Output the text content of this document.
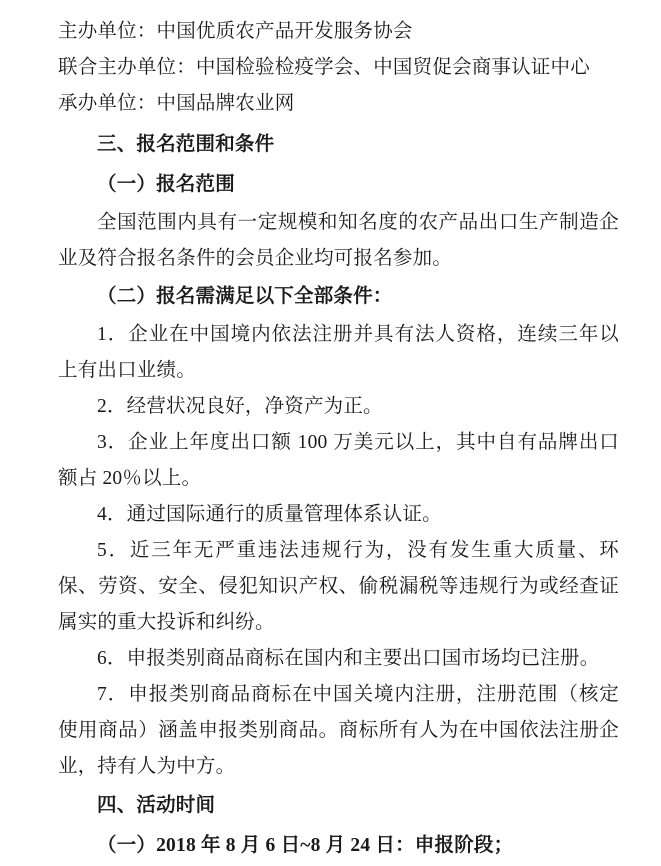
主办单位：中国优质农产品开发服务协会

联合主办单位：中国检验检疫学会、中国贸促会商事认证中心

承办单位：中国品牌农业网

三、报名范围和条件

（一）报名范围

全国范围内具有一定规模和知名度的农产品出口生产制造企业及符合报名条件的会员企业均可报名参加。

（二）报名需满足以下全部条件：

1．企业在中国境内依法注册并具有法人资格，连续三年以上有出口业绩。

2．经营状况良好，净资产为正。

3．企业上年度出口额 100 万美元以上，其中自有品牌出口额占 20％以上。

4．通过国际通行的质量管理体系认证。

5．近三年无严重违法违规行为，没有发生重大质量、环保、劳资、安全、侵犯知识产权、偷税漏税等违规行为或经查证属实的重大投诉和纠纷。

6．申报类别商品商标在国内和主要出口国市场均已注册。

7．申报类别商品商标在中国关境内注册，注册范围（核定使用商品）涵盖申报类别商品。商标所有人为在中国依法注册企业，持有人为中方。

四、活动时间

（一）2018 年 8 月 6 日~8 月 24 日：申报阶段；
